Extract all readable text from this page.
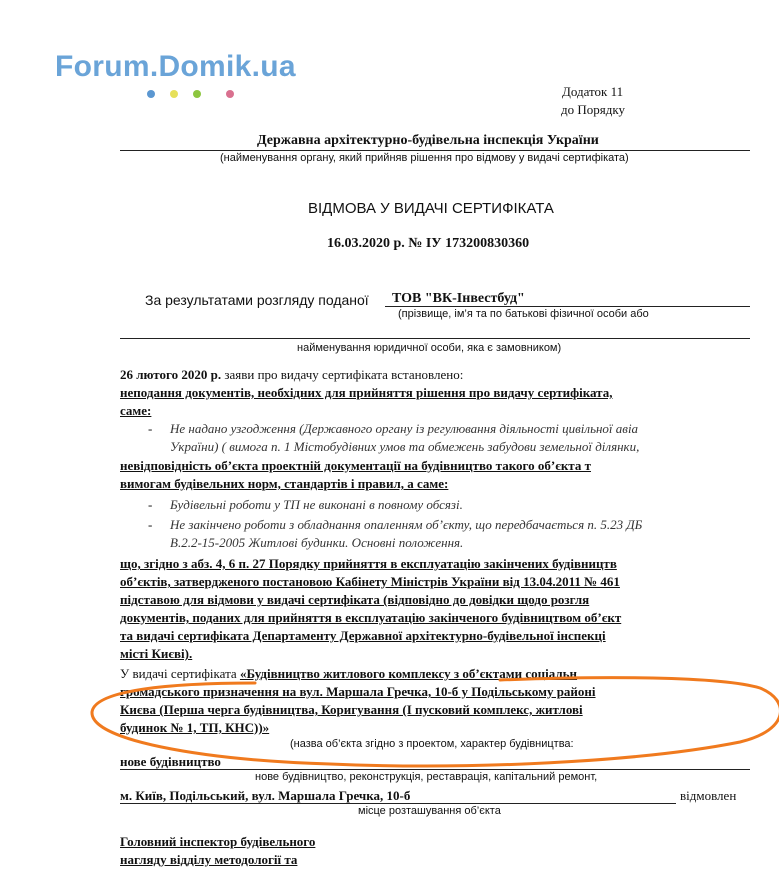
Forum.Domik.ua
Додаток 11
до Порядку
Державна архітектурно-будівельна інспекція України
(найменування органу, який прийняв рішення про відмову у видачі сертифіката)
ВІДМОВА У ВИДАЧІ СЕРТИФІКАТА
16.03.2020 р. № ІУ 173200830360
За результатами розгляду поданої ТОВ "ВК-Інвестбуд"
(прізвище, ім’я та по батькові фізичної особи або
найменування юридичної особи, яка є замовником)
26 лютого 2020 р. заяви про видачу сертифіката встановлено:
неподання документів, необхідних для прийняття рішення про видачу сертифіката,
саме:
- Не надано узгодження (Державного органу із регулювання діяльності цивільної авіа
України) ( вимога п. 1 Містобудівних умов та обмежень забудови земельної ділянки,
невідповідність об’єкта проектній документації на будівництво такого об’єкта т
вимогам будівельних норм, стандартів і правил, а саме:
- Будівельні роботи у ТП не виконані в повному обсязі.
- Не закінчено роботи з обладнання опаленням об’єкту, що передбачається п. 5.23 ДБ
В.2.2-15-2005 Житлові будинки. Основні положення.
що, згідно з абз. 4, 6 п. 27 Порядку прийняття в експлуатацію закінчених будівництв
об’єктів, затвердженого постановою Кабінету Міністрів України від 13.04.2011 № 461
підставою для відмови у видачі сертифіката (відповідно до довідки щодо розгля
документів, поданих для прийняття в експлуатацію закінченого будівництвом об’єкт
та видачі сертифіката Департаменту Державної архітектурно-будівельної інспекці
місті Києві).
У видачі сертифіката «Будівництво житлового комплексу з об’єктами соціальн
громадського призначення на вул. Маршала Гречка, 10-б у Подільському районі
Києва (Перша черга будівництва, Коригування (І пусковий комплекс, житлові
будинок № 1, ТП, КНС))»
(назва об’єкта згідно з проектом, характер будівництва:
нове будівництво
нове будівництво, реконструкція, реставрація, капітальний ремонт,
м. Київ, Подільський, вул. Маршала Гречка, 10-б	відмовлен
місце розташування об’єкта
Головний інспектор будівельного
нагляду відділу методології та
